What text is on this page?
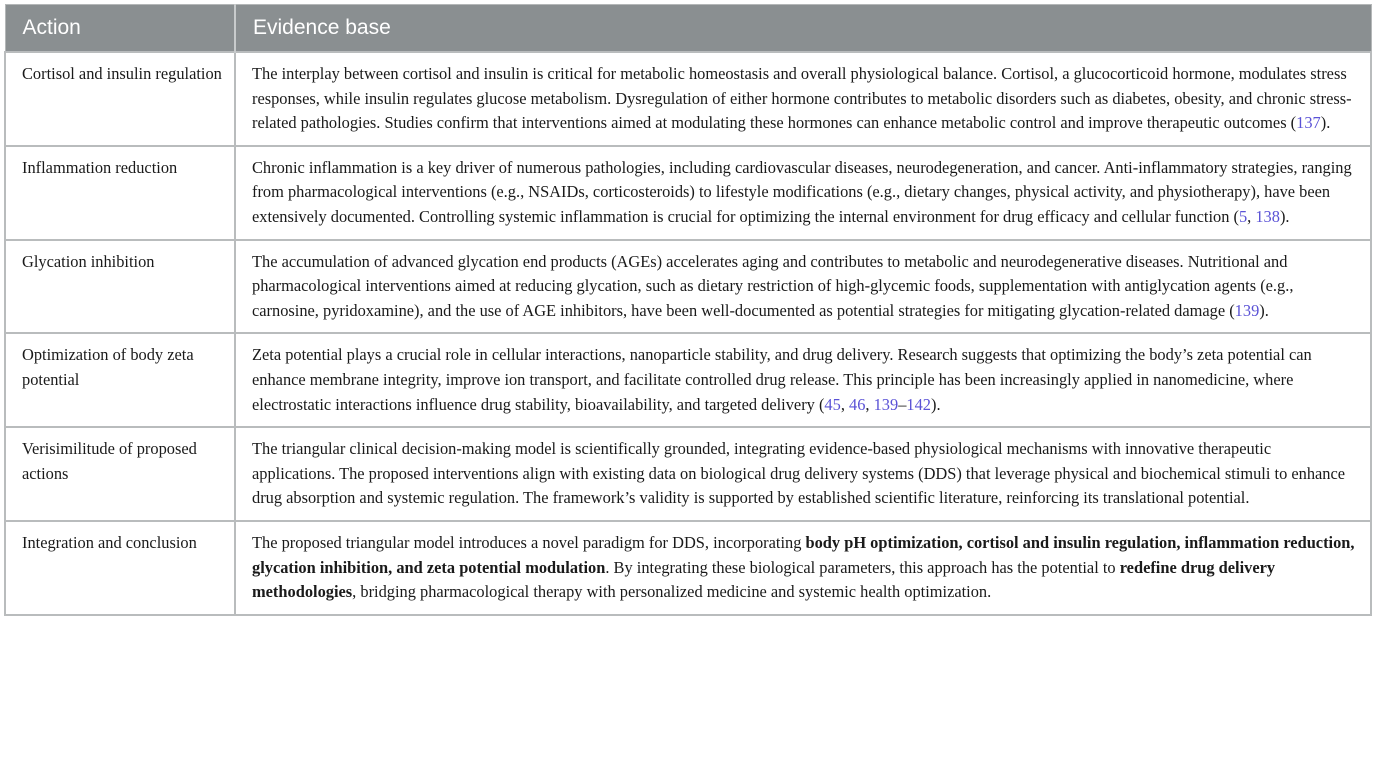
Action	Evidence base
Cortisol and insulin regulation	The interplay between cortisol and insulin is critical for metabolic homeostasis and overall physiological balance. Cortisol, a glucocorticoid hormone, modulates stress responses, while insulin regulates glucose metabolism. Dysregulation of either hormone contributes to metabolic disorders such as diabetes, obesity, and chronic stress-related pathologies. Studies confirm that interventions aimed at modulating these hormones can enhance metabolic control and improve therapeutic outcomes (137).
Inflammation reduction	Chronic inflammation is a key driver of numerous pathologies, including cardiovascular diseases, neurodegeneration, and cancer. Anti-inflammatory strategies, ranging from pharmacological interventions (e.g., NSAIDs, corticosteroids) to lifestyle modifications (e.g., dietary changes, physical activity, and physiotherapy), have been extensively documented. Controlling systemic inflammation is crucial for optimizing the internal environment for drug efficacy and cellular function (5, 138).
Glycation inhibition	The accumulation of advanced glycation end products (AGEs) accelerates aging and contributes to metabolic and neurodegenerative diseases. Nutritional and pharmacological interventions aimed at reducing glycation, such as dietary restriction of high-glycemic foods, supplementation with antiglycation agents (e.g., carnosine, pyridoxamine), and the use of AGE inhibitors, have been well-documented as potential strategies for mitigating glycation-related damage (139).
Optimization of body zeta potential	Zeta potential plays a crucial role in cellular interactions, nanoparticle stability, and drug delivery. Research suggests that optimizing the body’s zeta potential can enhance membrane integrity, improve ion transport, and facilitate controlled drug release. This principle has been increasingly applied in nanomedicine, where electrostatic interactions influence drug stability, bioavailability, and targeted delivery (45, 46, 139–142).
Verisimilitude of proposed actions	The triangular clinical decision-making model is scientifically grounded, integrating evidence-based physiological mechanisms with innovative therapeutic applications. The proposed interventions align with existing data on biological drug delivery systems (DDS) that leverage physical and biochemical stimuli to enhance drug absorption and systemic regulation. The framework’s validity is supported by established scientific literature, reinforcing its translational potential.
Integration and conclusion	The proposed triangular model introduces a novel paradigm for DDS, incorporating body pH optimization, cortisol and insulin regulation, inflammation reduction, glycation inhibition, and zeta potential modulation. By integrating these biological parameters, this approach has the potential to redefine drug delivery methodologies, bridging pharmacological therapy with personalized medicine and systemic health optimization.
